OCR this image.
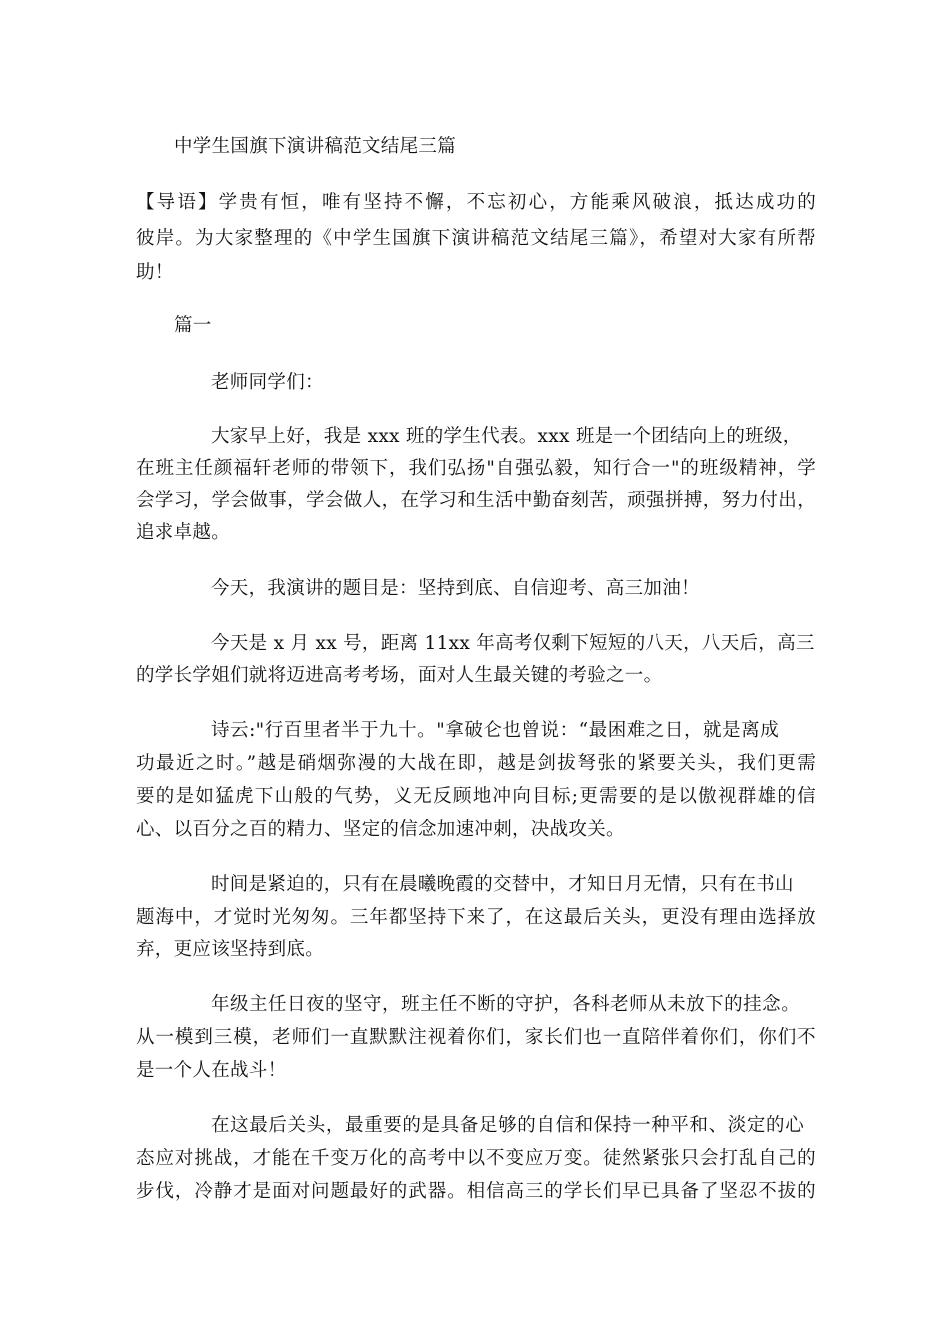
中学生国旗下演讲稿范文结尾三篇
【导语】学贵有恒，唯有坚持不懈，不忘初心，方能乘风破浪，抵达成功的
彼岸。为大家整理的《中学生国旗下演讲稿范文结尾三篇》，希望对大家有所帮
助！
篇一
老师同学们：
大家早上好，我是 xxx 班的学生代表。xxx 班是一个团结向上的班级，
在班主任颜福轩老师的带领下，我们弘扬"自强弘毅，知行合一"的班级精神，学
会学习，学会做事，学会做人，在学习和生活中勤奋刻苦，顽强拼搏，努力付出，
追求卓越。
今天，我演讲的题目是：坚持到底、自信迎考、高三加油！
今天是 x 月 xx 号，距离 11xx 年高考仅剩下短短的八天，八天后，高三
的学长学姐们就将迈进高考考场，面对人生最关键的考验之一。
诗云:"行百里者半于九十。"拿破仑也曾说：“最困难之日，就是离成
功最近之时。”越是硝烟弥漫的大战在即，越是剑拔弩张的紧要关头，我们更需
要的是如猛虎下山般的气势，义无反顾地冲向目标;更需要的是以傲视群雄的信
心、以百分之百的精力、坚定的信念加速冲刺，决战攻关。
时间是紧迫的，只有在晨曦晚霞的交替中，才知日月无情，只有在书山
题海中，才觉时光匆匆。三年都坚持下来了，在这最后关头，更没有理由选择放
弃，更应该坚持到底。
年级主任日夜的坚守，班主任不断的守护，各科老师从未放下的挂念。
从一模到三模，老师们一直默默注视着你们，家长们也一直陪伴着你们，你们不
是一个人在战斗！
在这最后关头，最重要的是具备足够的自信和保持一种平和、淡定的心
态应对挑战，才能在千变万化的高考中以不变应万变。徒然紧张只会打乱自己的
步伐，冷静才是面对问题最好的武器。相信高三的学长们早已具备了坚忍不拔的
